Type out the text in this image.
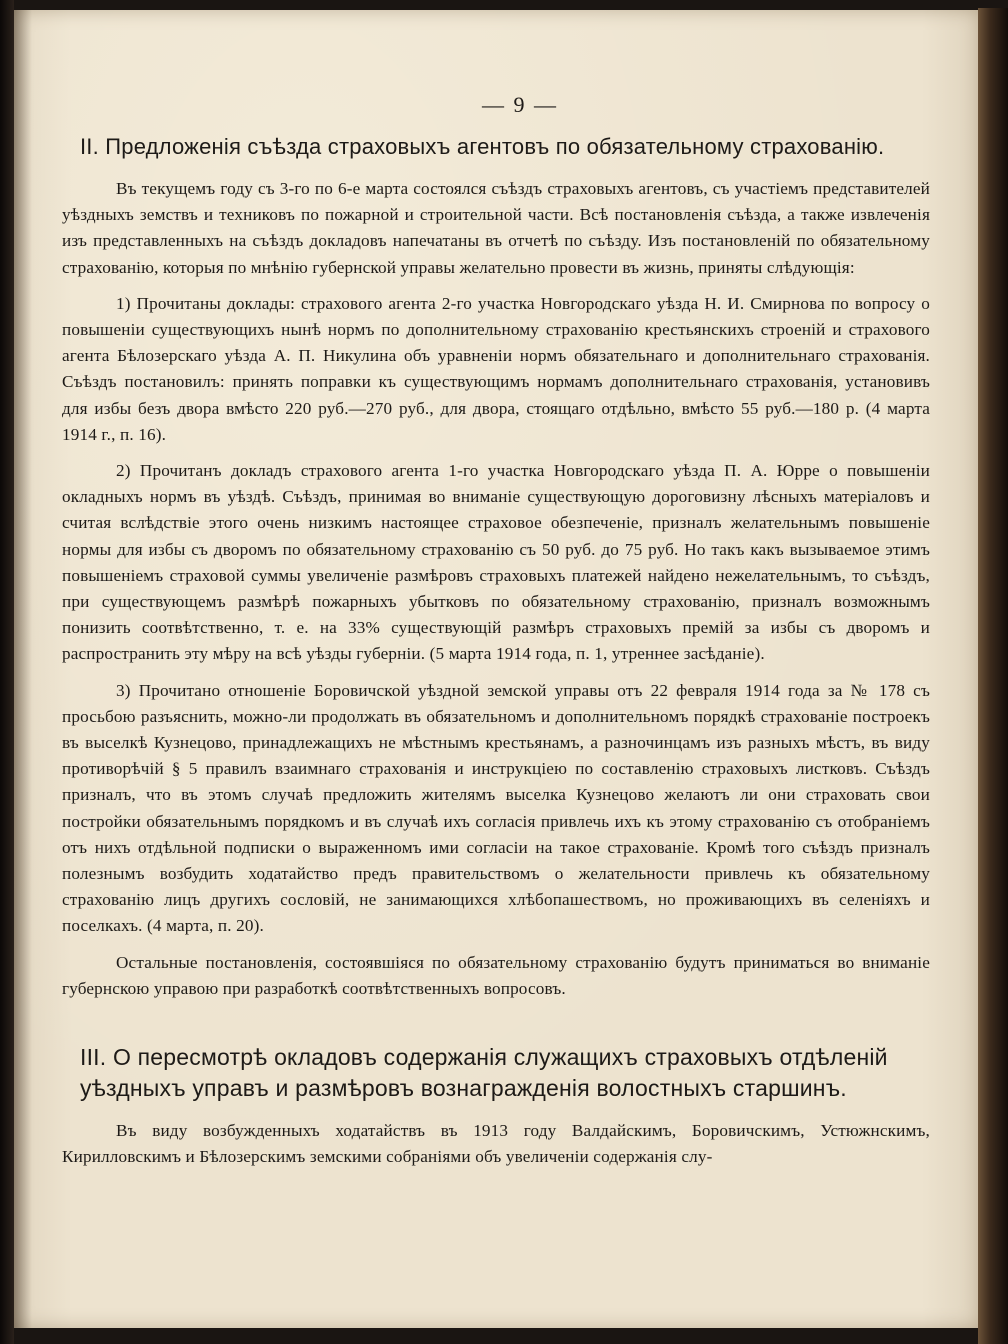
— 9 —
II. Предложенія съѣзда страховыхъ агентовъ по обязательному страхованію.

Въ текущемъ году съ 3-го по 6-е марта состоялся съѣздъ страховыхъ агентовъ, съ участіемъ представителей уѣздныхъ земствъ и техниковъ по пожарной и строительной части. Всѣ постановленія съѣзда, а также извлеченія изъ представленныхъ на съѣздъ докладовъ напечатаны въ отчетѣ по съѣзду. Изъ постановленій по обязательному страхованію, которыя по мнѣнію губернской управы желательно провести въ жизнь, приняты слѣдующія:

1) Прочитаны доклады: страхового агента 2-го участка Новгородскаго уѣзда Н. И. Смирнова по вопросу о повышеніи существующихъ нынѣ нормъ по дополнительному страхованію крестьянскихъ строеній и страхового агента Бѣлозерскаго уѣзда А. П. Никулина объ уравненіи нормъ обязательнаго и дополнительнаго страхованія. Съѣздъ постановилъ: принять поправки къ существующимъ нормамъ дополнительнаго страхованія, установивъ для избы безъ двора вмѣсто 220 руб.—270 руб., для двора, стоящаго отдѣльно, вмѣсто 55 руб.—180 р. (4 марта 1914 г., п. 16).

2) Прочитанъ докладъ страхового агента 1-го участка Новгородскаго уѣзда П. А. Юрре о повышеніи окладныхъ нормъ въ уѣздѣ. Съѣздъ, принимая во вниманіе существующую дороговизну лѣсныхъ матеріаловъ и считая вслѣдствіе этого очень низкимъ настоящее страховое обезпеченіе, призналъ желательнымъ повышеніе нормы для избы съ дворомъ по обязательному страхованію съ 50 руб. до 75 руб. Но такъ какъ вызываемое этимъ повышеніемъ страховой суммы увеличеніе размѣровъ страховыхъ платежей найдено нежелательнымъ, то съѣздъ, при существующемъ размѣрѣ пожарныхъ убытковъ по обязательному страхованію, призналъ возможнымъ понизить соотвѣтственно, т. е. на 33% существующій размѣръ страховыхъ премій за избы съ дворомъ и распространить эту мѣру на всѣ уѣзды губерніи. (5 марта 1914 года, п. 1, утреннее засѣданіе).

3) Прочитано отношеніе Боровичской уѣздной земской управы отъ 22 февраля 1914 года за № 178 съ просьбою разъяснить, можно-ли продолжать въ обязательномъ и дополнительномъ порядкѣ страхованіе построекъ въ выселкѣ Кузнецово, принадлежащихъ не мѣстнымъ крестьянамъ, а разночинцамъ изъ разныхъ мѣстъ, въ виду противорѣчій § 5 правилъ взаимнаго страхованія и инструкціею по составленію страховыхъ листковъ. Съѣздъ призналъ, что въ этомъ случаѣ предложить жителямъ выселка Кузнецово желаютъ ли они страховать свои постройки обязательнымъ порядкомъ и въ случаѣ ихъ согласія привлечь ихъ къ этому страхованію съ отобраніемъ отъ нихъ отдѣльной подписки о выраженномъ ими согласіи на такое страхованіе. Кромѣ того съѣздъ призналъ полезнымъ возбудить ходатайство предъ правительствомъ о желательности привлечь къ обязательному страхованію лицъ другихъ сословій, не занимающихся хлѣбопашествомъ, но проживающихъ въ селеніяхъ и поселкахъ. (4 марта, п. 20).

Остальные постановленія, состоявшіяся по обязательному страхованію будутъ приниматься во вниманіе губернскою управою при разработкѣ соотвѣтственныхъ вопросовъ.

III. О пересмотрѣ окладовъ содержанія служащихъ страховыхъ отдѣленій уѣздныхъ управъ и размѣровъ вознагражденія волостныхъ старшинъ.

Въ виду возбужденныхъ ходатайствъ въ 1913 году Валдайскимъ, Боровичскимъ, Устюжнскимъ, Кирилловскимъ и Бѣлозерскимъ земскими собраніями объ увеличеніи содержанія слу-
